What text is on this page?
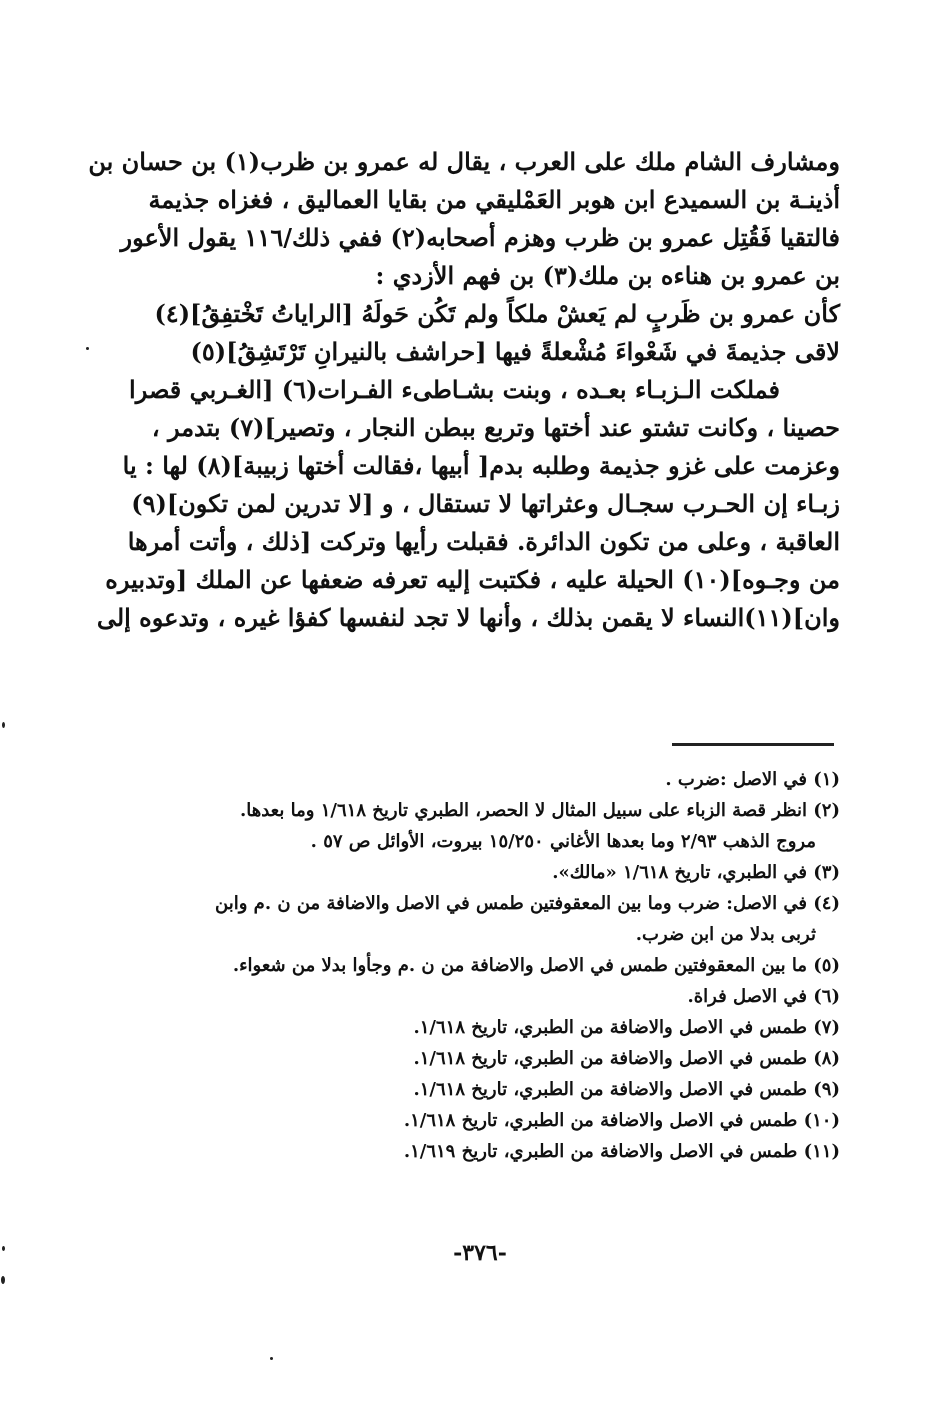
ومشارف الشام ملك على العرب ، يقال له عمرو بن ظرب(١) بن حسان بن
أذينـة بن السميدع ابن هوبر العَمْليقي من بقايا العماليق ، فغزاه جذيمة
فالتقيا فَقُتِل عمرو بن ظرب وهزم أصحابه(٢) ففي ذلك/١١٦ يقول الأعور
بن عمرو بن هناءه بن ملك(٣) بن فهم الأزدي :
كأن عمرو بن ظَربٍ لم يَعشْ ملكاً ولم تَكُن حَولَهُ [الراياتُ تَخْتفِقُ](٤)
لاقى جذيمةَ في شَعْواءَ مُشْعلةً فيها [حراشف بالنيرانِ تَرْتَشِقُ](٥)
فملكت الـزبـاء بعـده ، وبنت بشـاطىء الفـرات(٦) [الغـربي قصرا
حصينا ، وكانت تشتو عند أختها وتربع ببطن النجار ، وتصير](٧) بتدمر ،
وعزمت على غزو جذيمة وطلبه بدم[ أبيها ،فقالت أختها زبيبة](٨) لها : يا
زبـاء إن الحـرب سجـال وعثراتها لا تستقال ، و [لا تدرين لمن تكون](٩)
العاقبة ، وعلى من تكون الدائرة. فقبلت رأيها وتركت [ذلك ، وأتت أمرها
من وجـوه](١٠) الحيلة عليه ، فكتبت إليه تعرفه ضعفها عن الملك [وتدبيره
وان](١١)النساء لا يقمن بذلك ، وأنها لا تجد لنفسها كفؤا غيره ، وتدعوه إلى
(١) في الاصل :ضرب .
(٢) انظر قصة الزباء على سبيل المثال لا الحصر، الطبري تاريخ ١/٦١٨ وما بعدها.
مروج الذهب ٢/٩٣ وما بعدها الأغاني ١٥/٢٥٠ بيروت، الأوائل ص ٥٧ .
(٣) في الطبري، تاريخ ١/٦١٨ «مالك».
(٤) في الاصل: ضرب وما بين المعقوفتين طمس في الاصل والاضافة من ن .م وابن
ثربى بدلا من ابن ضرب.
(٥) ما بين المعقوفتين طمس في الاصل والاضافة من ن .م وجأوا بدلا من شعواء.
(٦) في الاصل فراة.
(٧) طمس في الاصل والاضافة من الطبري، تاريخ ١/٦١٨.
(٨) طمس في الاصل والاضافة من الطبري، تاريخ ١/٦١٨.
(٩) طمس في الاصل والاضافة من الطبري، تاريخ ١/٦١٨.
(١٠) طمس في الاصل والاضافة من الطبري، تاريخ ١/٦١٨.
(١١) طمس في الاصل والاضافة من الطبري، تاريخ ١/٦١٩.
-٣٧٦-
